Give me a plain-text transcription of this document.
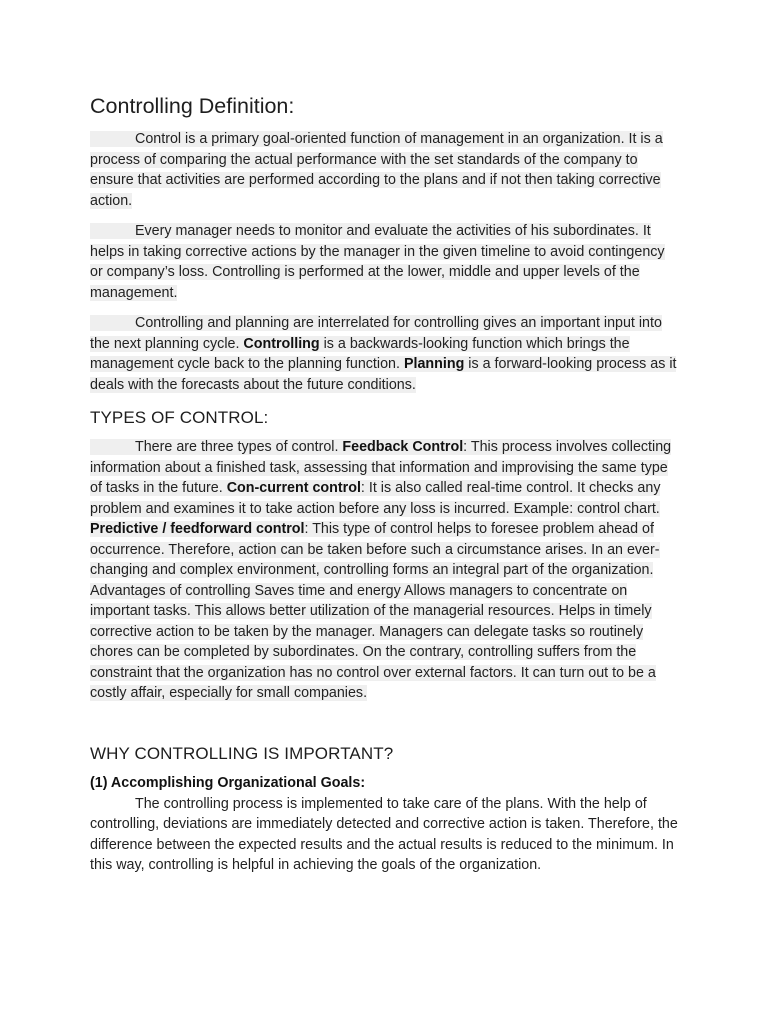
Controlling Definition:

Control is a primary goal-oriented function of management in an organization. It is a process of comparing the actual performance with the set standards of the company to ensure that activities are performed according to the plans and if not then taking corrective action.

Every manager needs to monitor and evaluate the activities of his subordinates. It helps in taking corrective actions by the manager in the given timeline to avoid contingency or company’s loss. Controlling is performed at the lower, middle and upper levels of the management.

Controlling and planning are interrelated for controlling gives an important input into the next planning cycle. Controlling is a backwards-looking function which brings the management cycle back to the planning function. Planning is a forward-looking process as it deals with the forecasts about the future conditions.

TYPES OF CONTROL:

There are three types of control. Feedback Control: This process involves collecting information about a finished task, assessing that information and improvising the same type of tasks in the future. Con-current control: It is also called real-time control. It checks any problem and examines it to take action before any loss is incurred. Example: control chart. Predictive / feedforward control: This type of control helps to foresee problem ahead of occurrence. Therefore, action can be taken before such a circumstance arises. In an ever-changing and complex environment, controlling forms an integral part of the organization. Advantages of controlling Saves time and energy Allows managers to concentrate on important tasks. This allows better utilization of the managerial resources. Helps in timely corrective action to be taken by the manager. Managers can delegate tasks so routinely chores can be completed by subordinates. On the contrary, controlling suffers from the constraint that the organization has no control over external factors. It can turn out to be a costly affair, especially for small companies.

WHY CONTROLLING IS IMPORTANT?
(1) Accomplishing Organizational Goals:

The controlling process is implemented to take care of the plans. With the help of controlling, deviations are immediately detected and corrective action is taken. Therefore, the difference between the expected results and the actual results is reduced to the minimum. In this way, controlling is helpful in achieving the goals of the organization.
